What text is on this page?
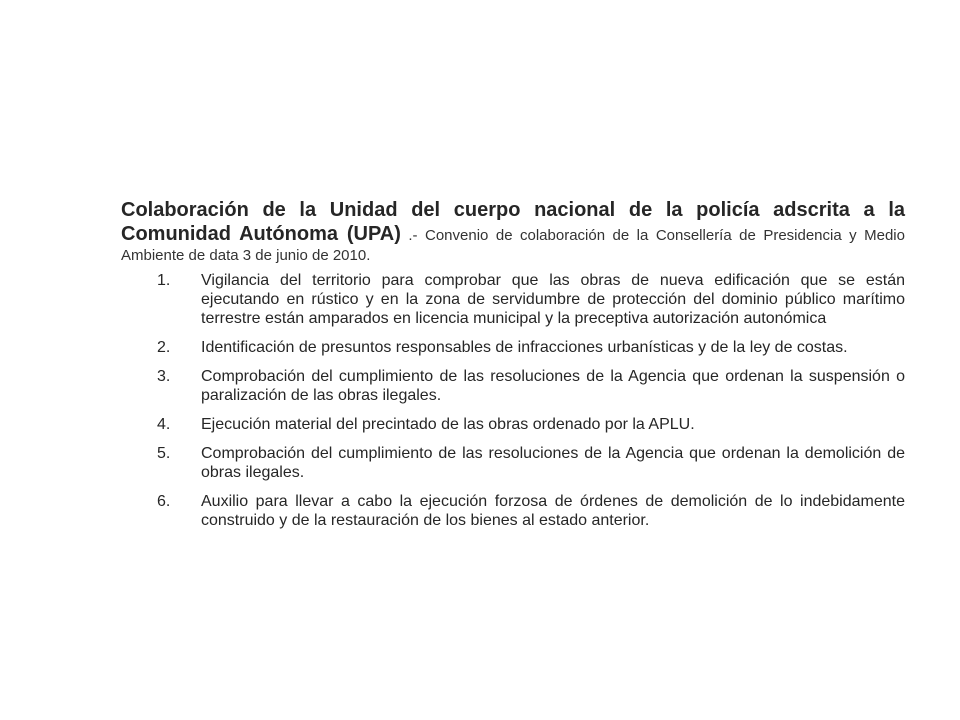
Colaboración de la Unidad del cuerpo nacional de la policía adscrita a la Comunidad Autónoma (UPA) .- Convenio de colaboración de la Consellería de Presidencia y Medio Ambiente de data 3 de junio de 2010.

1.	Vigilancia del territorio para comprobar que las obras de nueva edificación que se están ejecutando en rústico y en la zona de servidumbre de protección del dominio público marítimo terrestre están amparados en licencia municipal y la preceptiva autorización autonómica
2.	Identificación de presuntos responsables de infracciones urbanísticas y de la ley de costas.
3.	Comprobación del cumplimiento de las resoluciones de la Agencia que ordenan la suspensión o paralización de las obras ilegales.
4.	Ejecución material del precintado de las obras ordenado por la APLU.
5.	Comprobación del cumplimiento de las resoluciones de la Agencia que ordenan la demolición de obras ilegales.
6.	Auxilio para llevar a cabo la ejecución forzosa de órdenes de demolición de lo indebidamente construido y de la restauración de los bienes al estado anterior.
